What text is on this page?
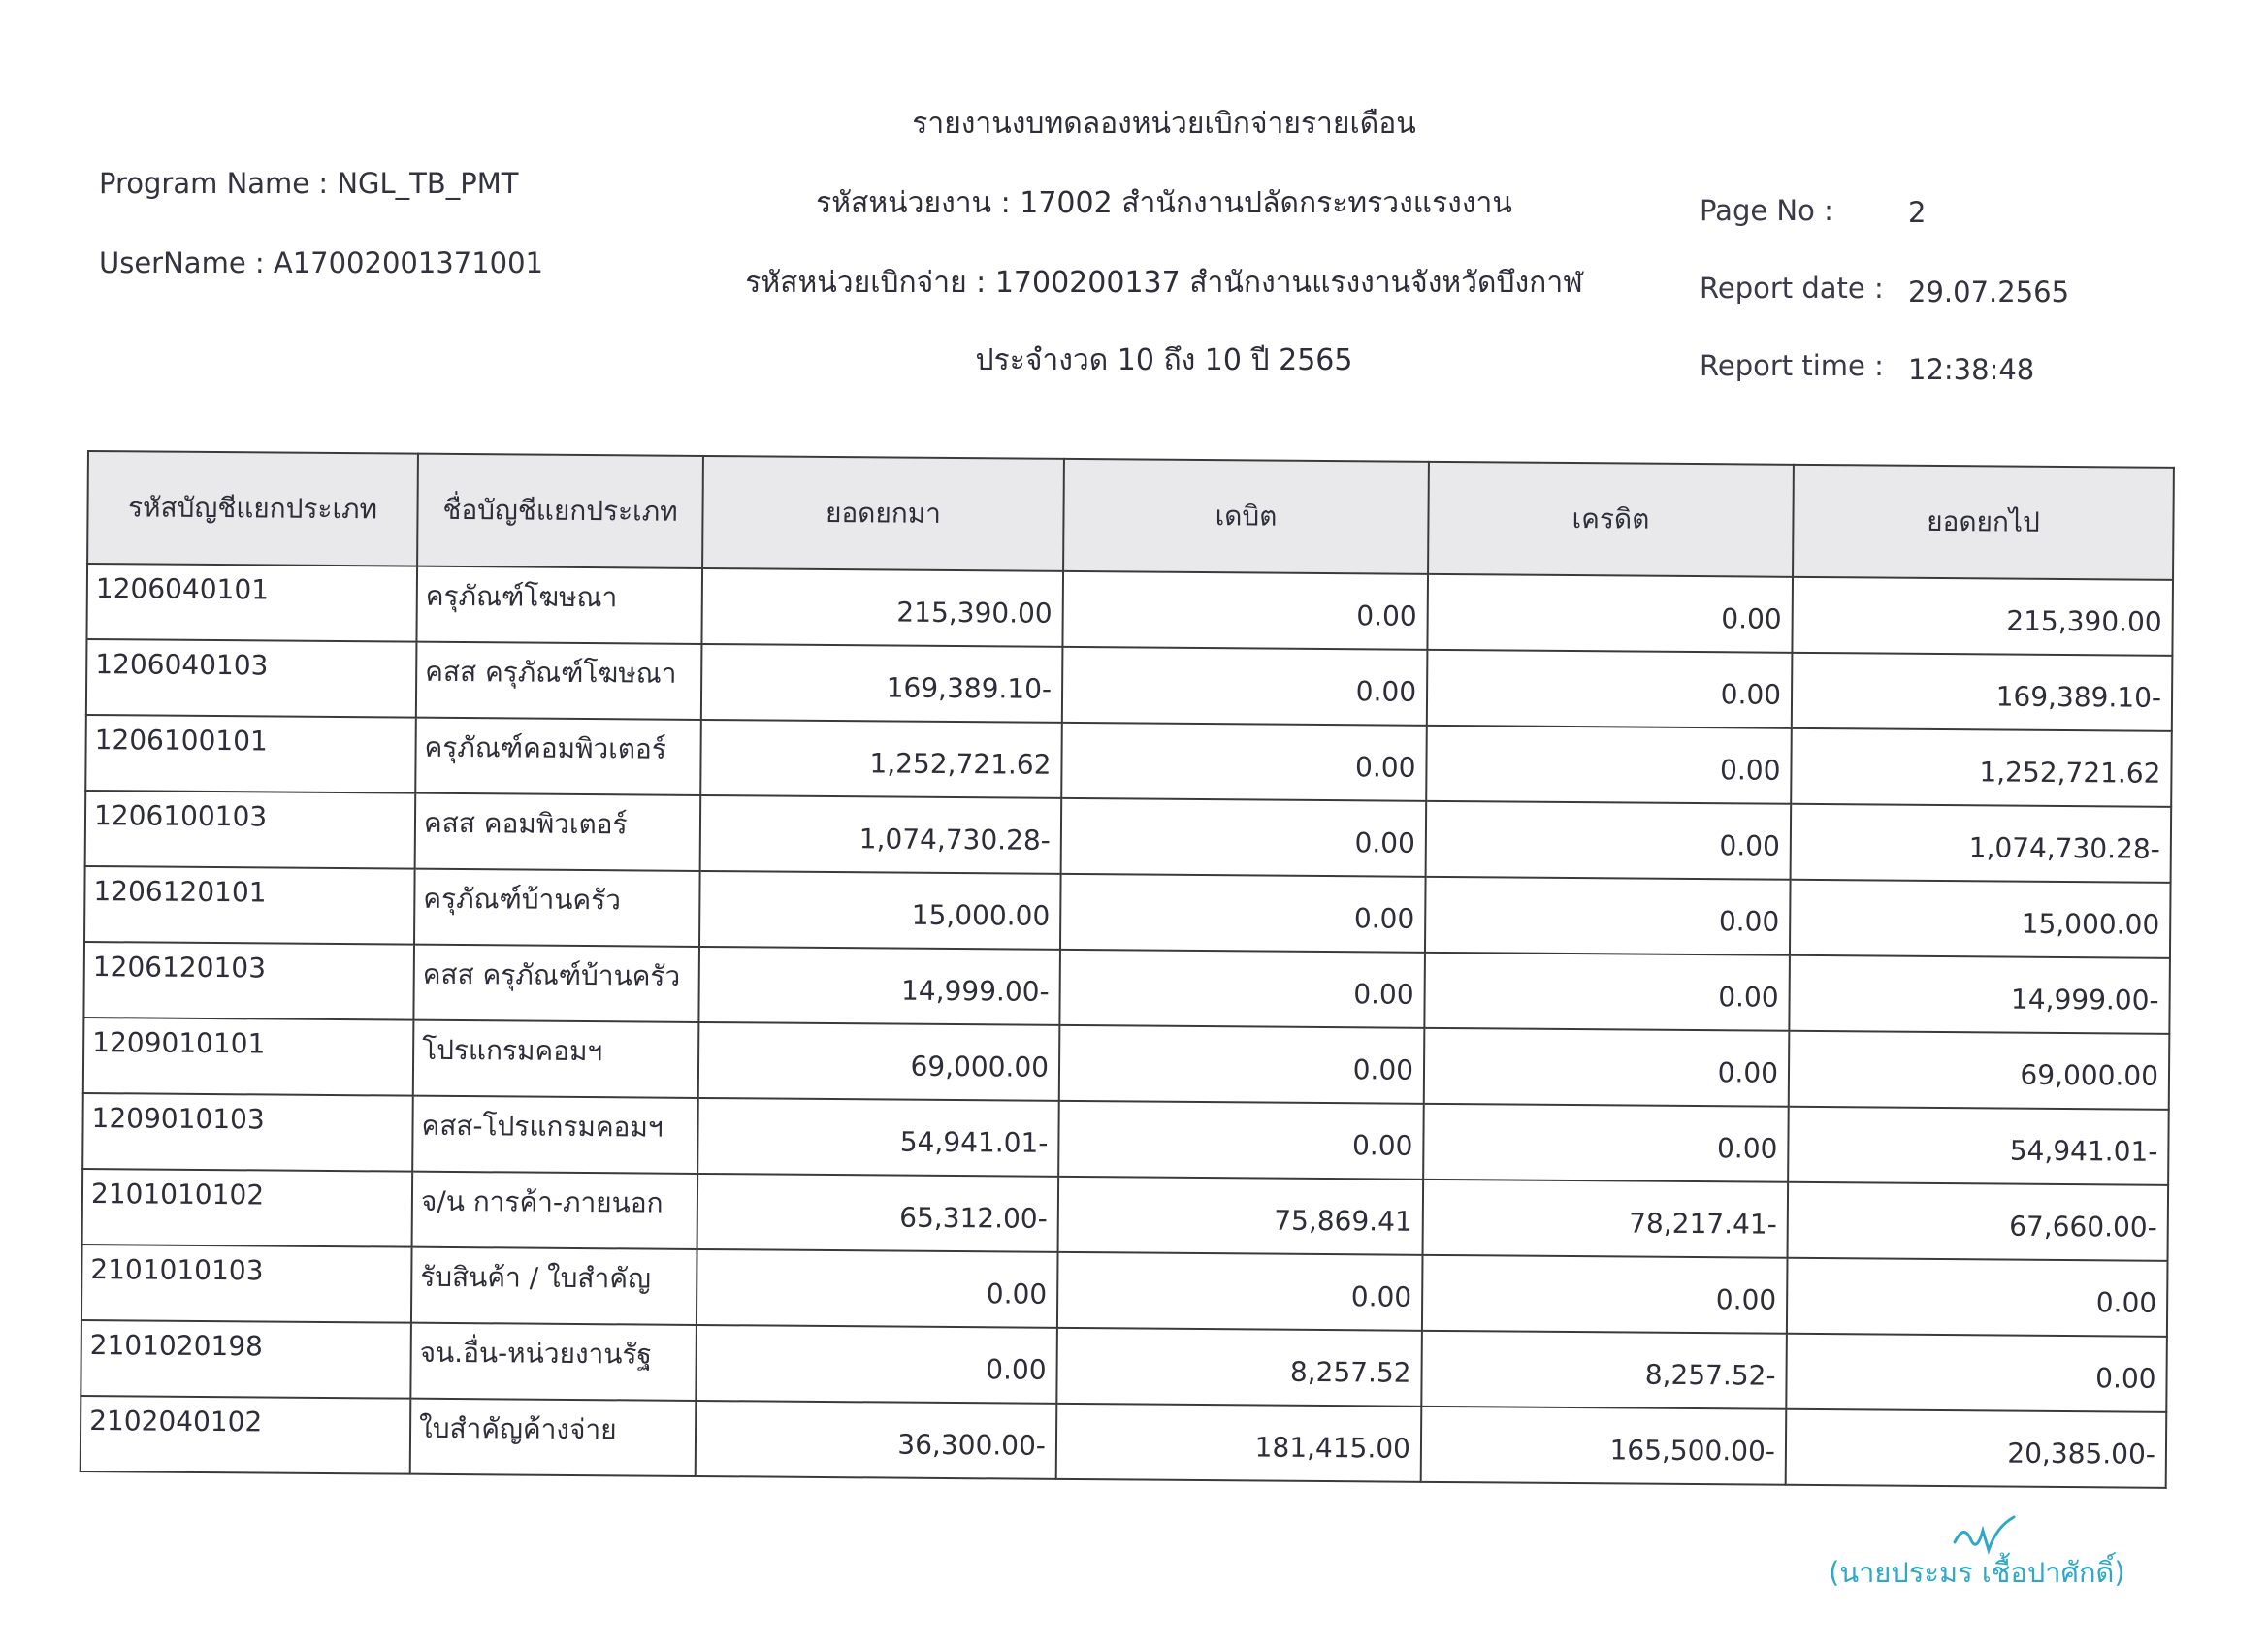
รายงานงบทดลองหน่วยเบิกจ่ายรายเดือน
Program Name : NGL_TB_PMT
รหัสหน่วยงาน : 17002 สำนักงานปลัดกระทรวงแรงงาน
UserName : A17002001371001
รหัสหน่วยเบิกจ่าย : 1700200137 สำนักงานแรงงานจังหวัดบึงกาฬ
ประจำงวด 10 ถึง 10 ปี 2565
Page No :	2
Report date : 29.07.2565
Report time : 12:38:48
รหัสบัญชีแยกประเภท	ชื่อบัญชีแยกประเภท	ยอดยกมา	เดบิต	เครดิต	ยอดยกไป
1206040101	ครุภัณฑ์โฆษณา	215,390.00	0.00	0.00	215,390.00
1206040103	คสส ครุภัณฑ์โฆษณา	169,389.10-	0.00	0.00	169,389.10-
1206100101	ครุภัณฑ์คอมพิวเตอร์	1,252,721.62	0.00	0.00	1,252,721.62
1206100103	คสส คอมพิวเตอร์	1,074,730.28-	0.00	0.00	1,074,730.28-
1206120101	ครุภัณฑ์บ้านครัว	15,000.00	0.00	0.00	15,000.00
1206120103	คสส ครุภัณฑ์บ้านครัว	14,999.00-	0.00	0.00	14,999.00-
1209010101	โปรแกรมคอมฯ	69,000.00	0.00	0.00	69,000.00
1209010103	คสส-โปรแกรมคอมฯ	54,941.01-	0.00	0.00	54,941.01-
2101010102	จ/น การค้า-ภายนอก	65,312.00-	75,869.41	78,217.41-	67,660.00-
2101010103	รับสินค้า / ใบสำคัญ	0.00	0.00	0.00	0.00
2101020198	จน.อื่น-หน่วยงานรัฐ	0.00	8,257.52	8,257.52-	0.00
2102040102	ใบสำคัญค้างจ่าย	36,300.00-	181,415.00	165,500.00-	20,385.00-
(นายประมร เชื้อปาศักดิ์)
